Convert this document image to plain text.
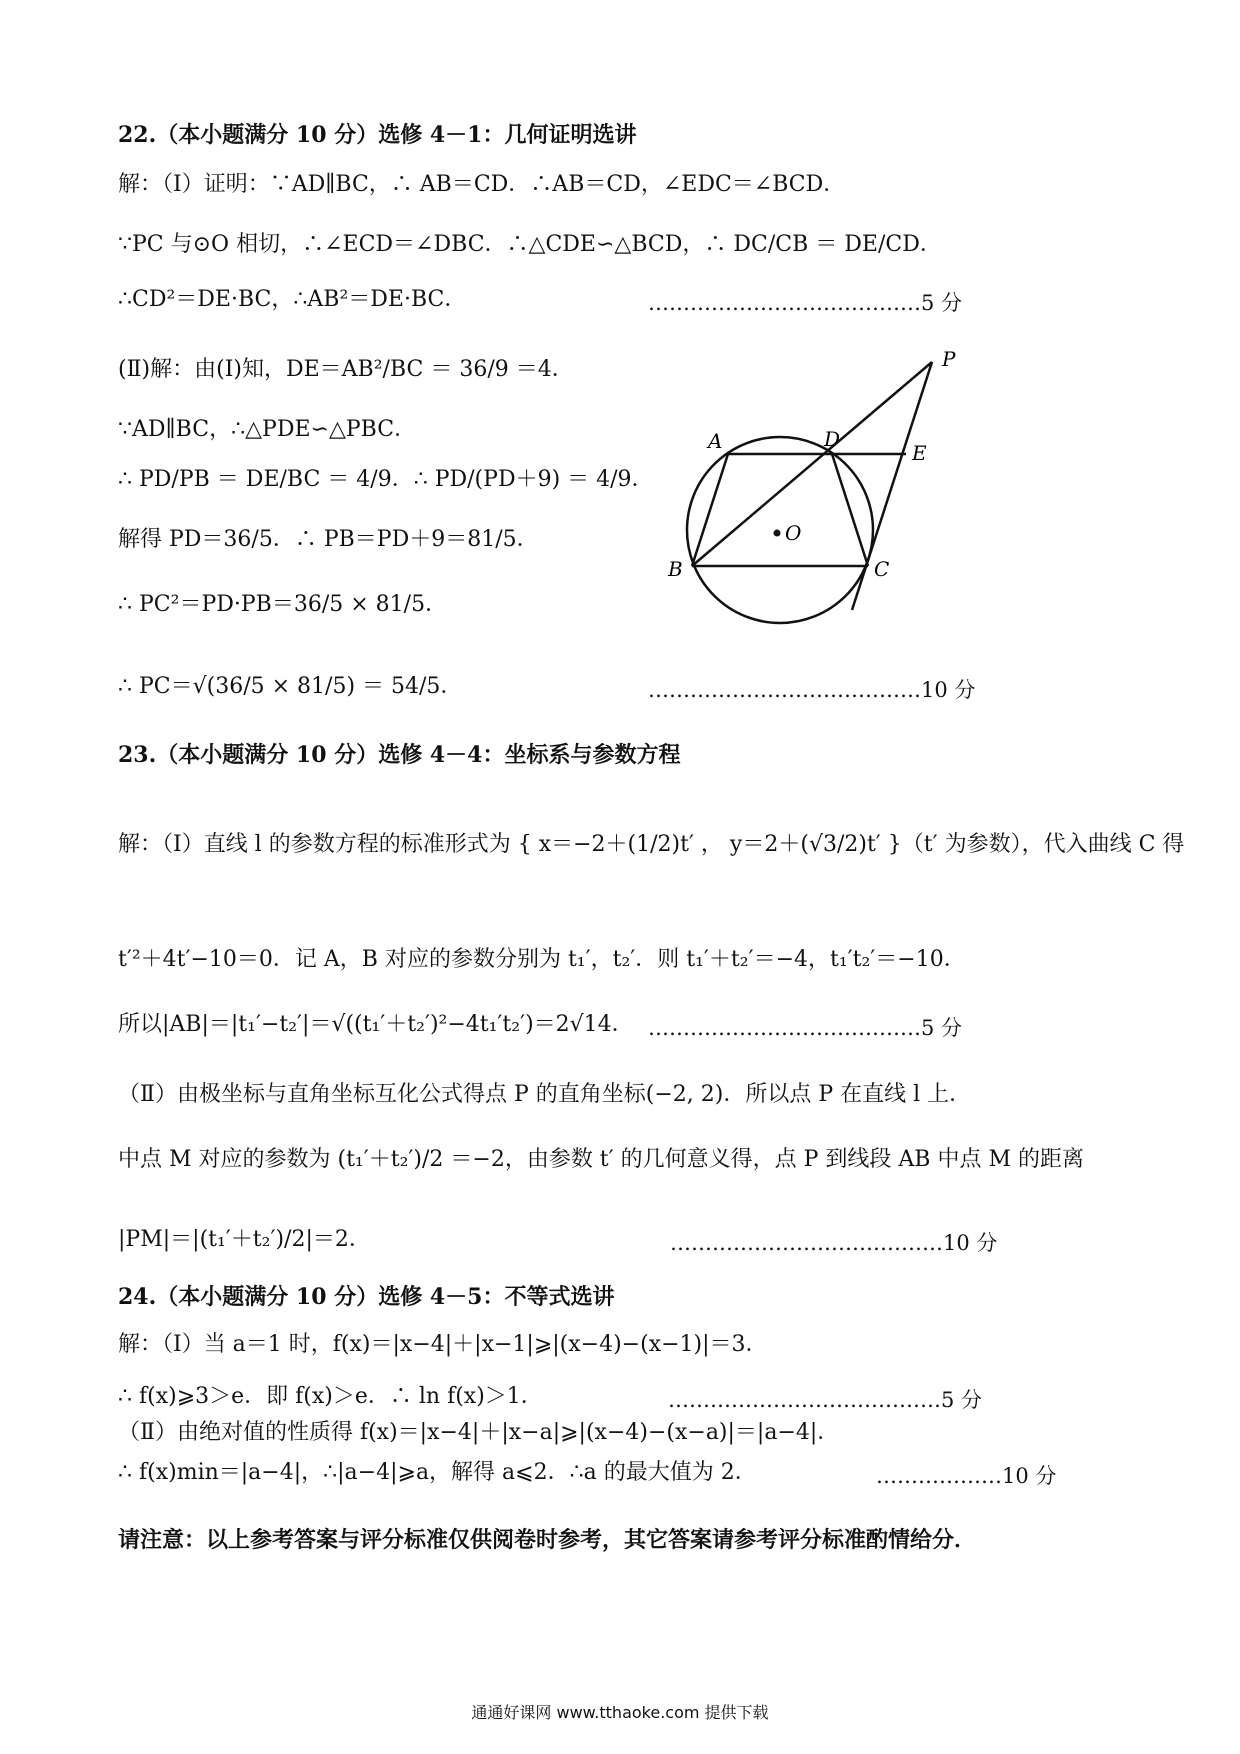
22.（本小题满分 10 分）选修 4－1：几何证明选讲
解：（I）证明：∵AD∥BC，∴ AB＝CD．∴AB＝CD，∠EDC＝∠BCD．
∵PC 与⊙O 相切，∴∠ECD＝∠DBC．∴△CDE∽△BCD，∴ DC/CB ＝ DE/CD．
∴CD²＝DE·BC，∴AB²＝DE·BC．	…………………………………5 分
(Ⅱ)解：由(Ⅰ)知，DE＝AB²/BC ＝ 36/9 ＝4．
∵AD∥BC，∴△PDE∽△PBC．
∴ PD/PB ＝ DE/BC ＝ 4/9．∴ PD/(PD＋9) ＝ 4/9．
解得 PD＝36/5．∴ PB＝PD＋9＝81/5．
∴ PC²＝PD·PB＝36/5 × 81/5．
∴ PC＝√(36/5 × 81/5) ＝ 54/5．	…………………………………10 分
P
A	D
E
O
B	C
23.（本小题满分 10 分）选修 4－4：坐标系与参数方程
解：（I）直线 l 的参数方程的标准形式为 { x＝−2＋(1/2)t′ ， y＝2＋(√3/2)t′ }（t′ 为参数），代入曲线 C 得
t′²＋4t′−10＝0．记 A，B 对应的参数分别为 t₁′，t₂′．则 t₁′＋t₂′＝−4，t₁′t₂′＝−10．
所以|AB|＝|t₁′−t₂′|＝√((t₁′＋t₂′)²−4t₁′t₂′)＝2√14． …………………………………5 分
（Ⅱ）由极坐标与直角坐标互化公式得点 P 的直角坐标(−2, 2)．所以点 P 在直线 l 上．
中点 M 对应的参数为 (t₁′＋t₂′)/2 ＝−2，由参数 t′ 的几何意义得，点 P 到线段 AB 中点 M 的距离
|PM|＝|(t₁′＋t₂′)/2|＝2．	…………………………………10 分
24.（本小题满分 10 分）选修 4－5：不等式选讲
解：（I）当 a＝1 时，f(x)＝|x−4|＋|x−1|⩾|(x−4)−(x−1)|＝3．
∴ f(x)⩾3＞e．即 f(x)＞e．∴ ln f(x)＞1．	…………………………………5 分
（Ⅱ）由绝对值的性质得 f(x)＝|x−4|＋|x−a|⩾|(x−4)−(x−a)|＝|a−4|．
∴ f(x)min＝|a−4|，∴|a−4|⩾a，解得 a⩽2．∴a 的最大值为 2．	………………10 分
请注意：以上参考答案与评分标准仅供阅卷时参考，其它答案请参考评分标准酌情给分．
通通好课网 www.tthaoke.com 提供下载
